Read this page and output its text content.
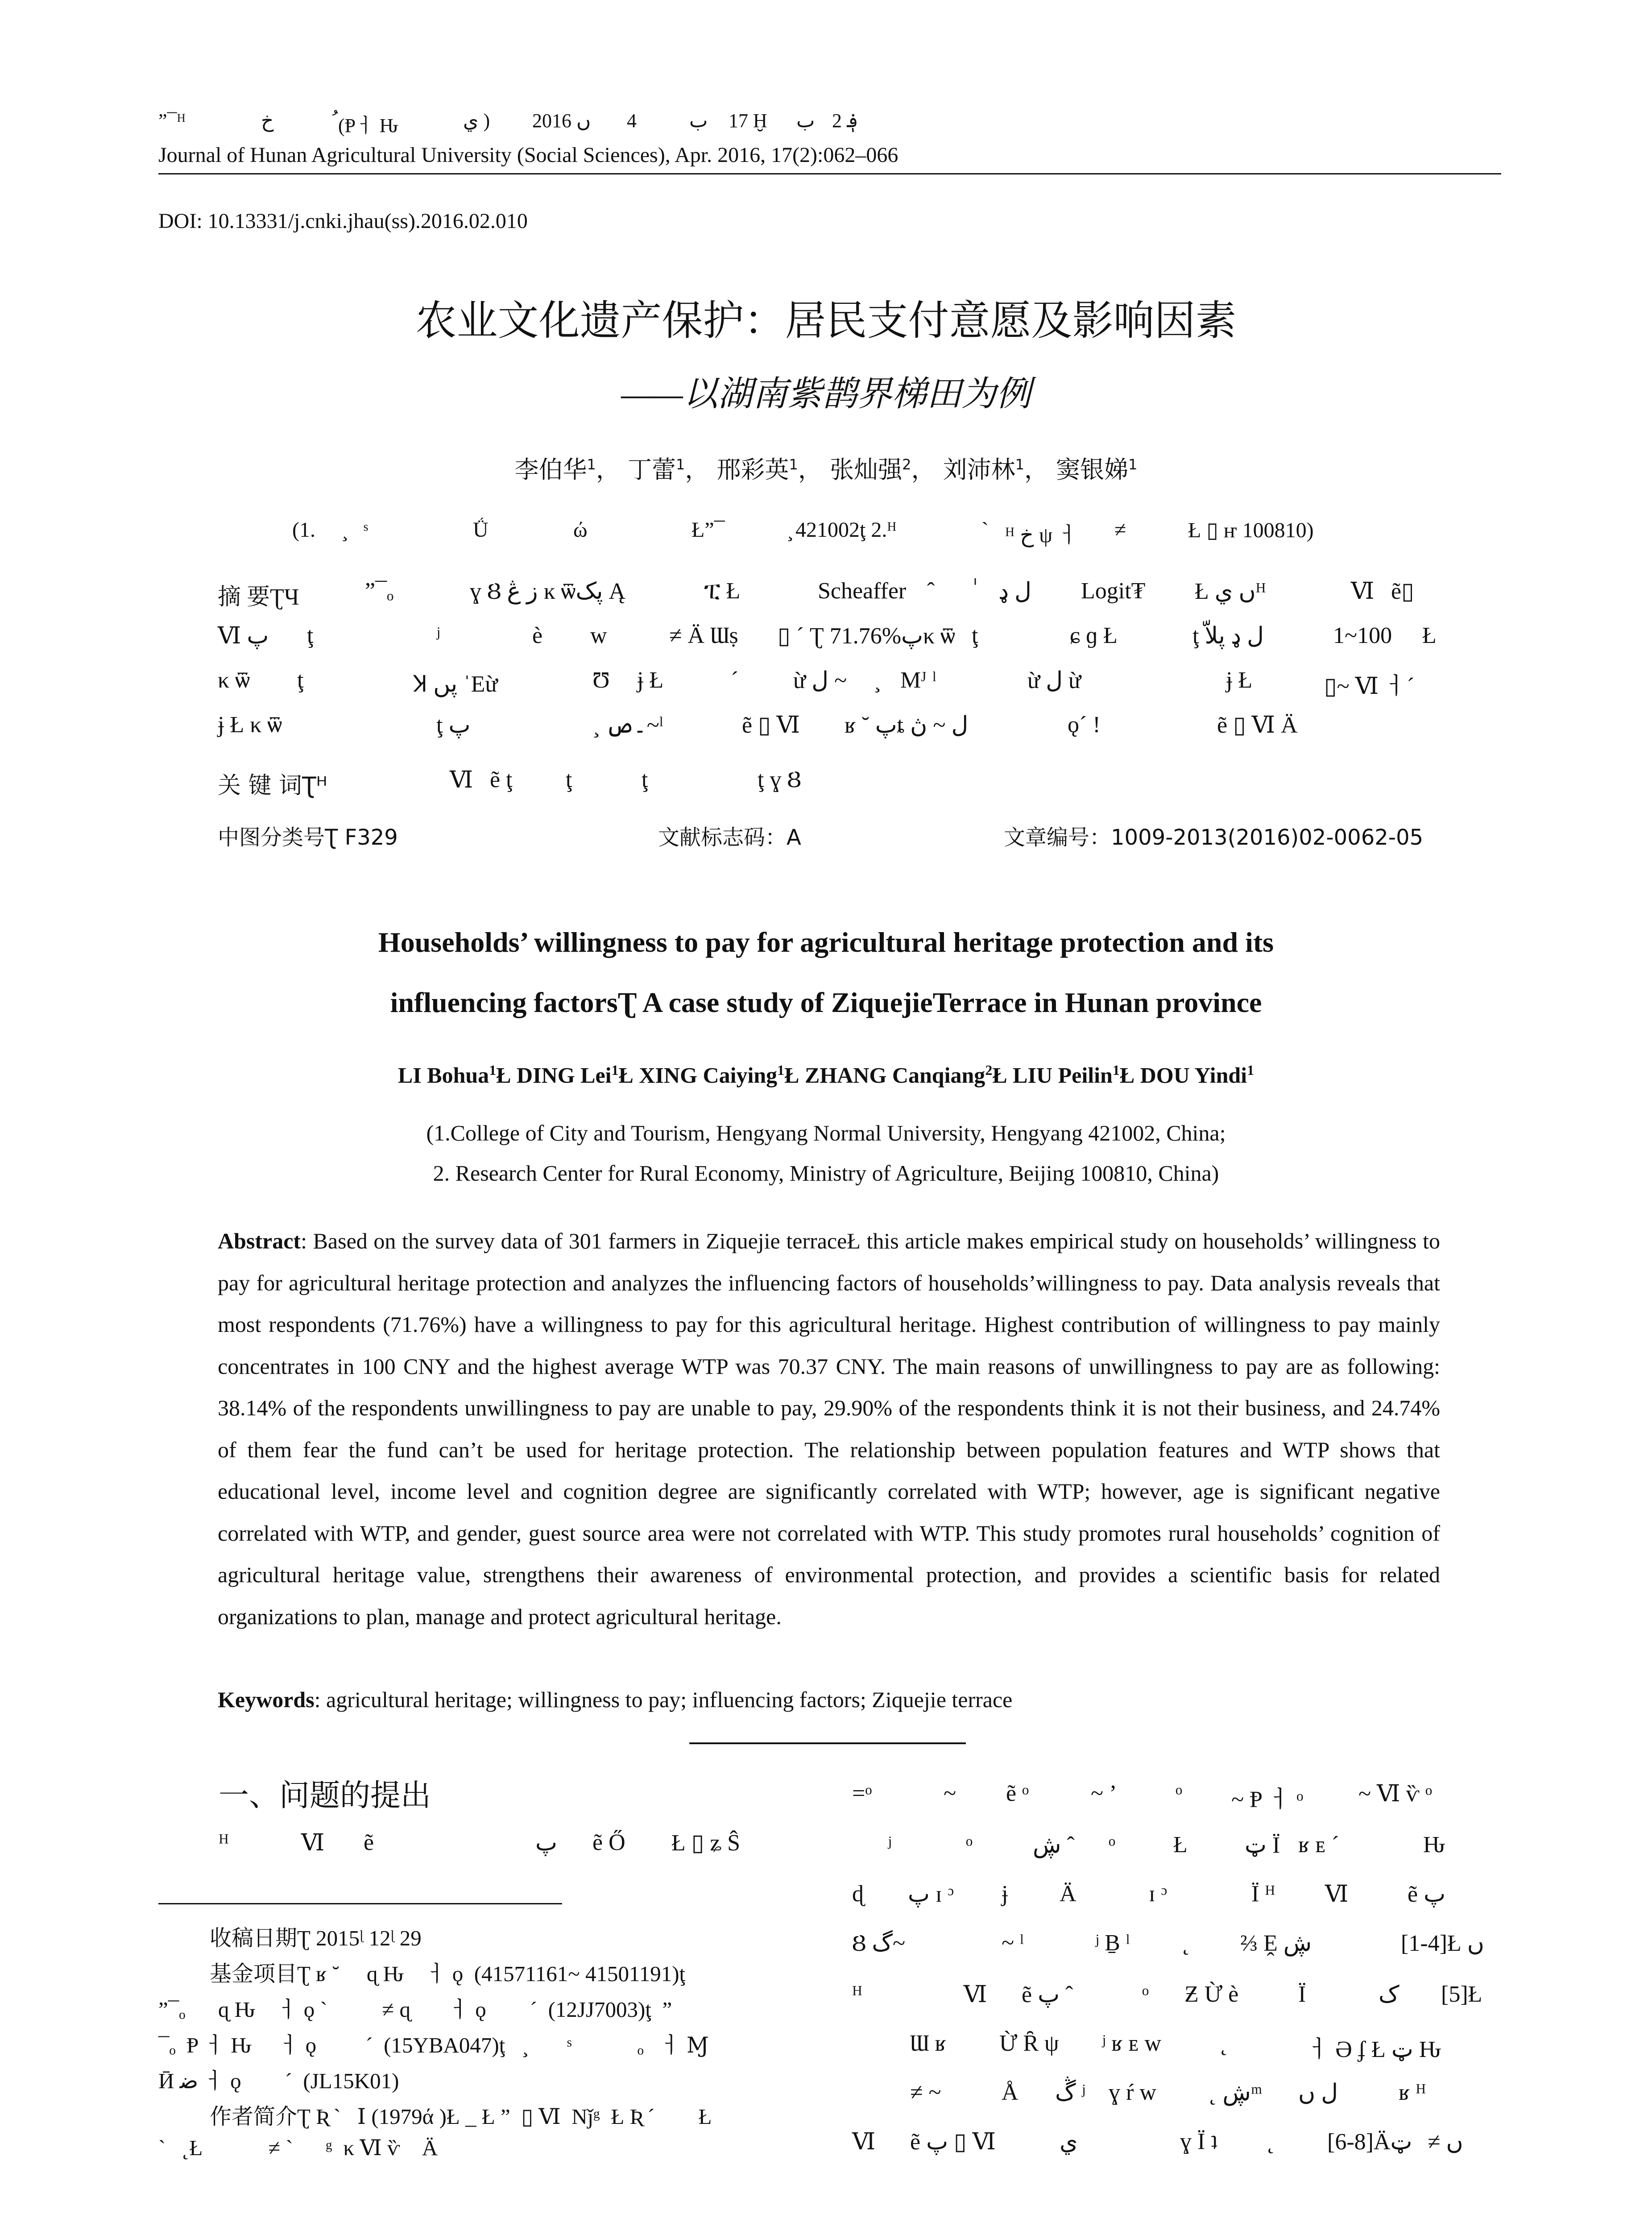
”¯ᴴ	خ	(Ᵽㅓ Ԋ	ي ) 2016 ں 4	ب 17 Ḫ ب 2 ؋
Journal of Hunan Agricultural University (Social Sciences), Apr. 2016, 17(2):062–066
DOI: 10.13331/j.cnki.jhau(ss).2016.02.010
农业文化遗产保护：居民支付意愿及影响因素
——以湖南紫鹊界梯田为例
李伯华$^1$， 丁蕾$^1$， 邢彩英$^1$， 张灿强$^2$， 刘沛林$^1$， 窦银娣$^1$
(1. ¸ ˢ	Ǘ	ώ	Ł”¯	¸ 421002ţ 2.ᴴ	ˋ ᴴ خ ψ ㅓ ≠	Ł ▯ ҥ 100810)
摘 要ƮЧ	”¯ₒ	ɣ Ȣ ز ڠ ĸ ѿپک Ą	ፒ Ł	Scheaffer ˆ	ل ډ Logit₮ Ł ں يᴴ	Ⅵ ẽ▯
Ⅵ پ ţ	ʲ	è w	≠ Ä Ɯṣ ▯ ˊ Ʈ 71.76%پκ ѿ ţ	ɕ ɡ Ł	ţ ل ډ پلاّ	1~100 Ł
κ ѿ ţ	Ʞ پں ˈΕừ	Ʊ ɉ Ł	ˊ ừ ل ~ ¸ Mᴶ ˡ	ừ ل ừ	ɉ Ł	▯~ Ⅵ ㅓˊ
ɉ Ł κ ѿ	ţ پ	¸ ۔ص~ˡ	ẽ ▯ Ⅵ ʁ ˘ پȶ ل ~ ڽ	ǫˊ !	ẽ ▯ Ⅵ Ä
关 键 词Ʈᴴ	Ⅵ ẽ ţ ţ	ţ	ţ ɣ Ȣ
中图分类号Ʈ F329	文献标志码：A	文章编号：1009-2013(2016)02-0062-05
Households’ willingness to pay for agricultural heritage protection and its
influencing factorsƮ A case study of ZiquejieTerrace in Hunan province
LI Bohua$^1$Ł DING Lei$^1$Ł XING Caiying$^1$Ł ZHANG Canqiang$^2$Ł LIU Peilin$^1$Ł DOU Yindi$^1$
(1.College of City and Tourism, Hengyang Normal University, Hengyang 421002, China;
2. Research Center for Rural Economy, Ministry of Agriculture, Beijing 100810, China)
Abstract: Based on the survey data of 301 farmers in Ziquejie terraceŁ this article makes empirical study on households’ willingness to pay for agricultural heritage protection and analyzes the influencing factors of households’willingness to pay. Data analysis reveals that most respondents (71.76%) have a willingness to pay for this agricultural heritage. Highest contribution of willingness to pay mainly concentrates in 100 CNY and the highest average WTP was 70.37 CNY. The main reasons of unwillingness to pay are as following: 38.14% of the respondents unwillingness to pay are unable to pay, 29.90% of the respondents think it is not their business, and 24.74% of them fear the fund can’t be used for heritage protection. The relationship between population features and WTP shows that educational level, income level and cognition degree are significantly correlated with WTP; however, age is significant negative correlated with WTP, and gender, guest source area were not correlated with WTP. This study promotes rural households’ cognition of agricultural heritage value, strengthens their awareness of environmental protection, and provides a scientific basis for related organizations to plan, manage and protect agricultural heritage.
Keywords: agricultural heritage; willingness to pay; influencing factors; Ziquejie terrace
一、问题的提出
ᴴ	Ⅵ ẽ	پ ẽ Ő Ł ▯ ʑ Ŝ
收稿日期Ʈ 2015ᶩ 12ᶩ 29
基金项目Ʈ ʁ ˘     ɋ Ԋ    ㅓ ǫ  (41571161~ 41501191)ţ
”¯ₒ      ɋ Ԋ    ㅓ ǫ ˋ          ≠ ɋ       ㅓ ǫ        ˊ  (12JJ7003)ţ  ”
¯ₒ  Ᵽ ㅓ Ԋ     ㅓ ǫ         ˊ  (15YBA047)ţ   ¸       ˢ            ₒ   ㅓ Ɱ
Ӣ ﺿ ㅓ ǫ        ˊ  (JL15K01)
作者简介Ʈ Ʀ ˋ   Ⅰ (1979ά )Ł _ Ł ”  ▯ Ⅵ  Nǰᵍ  Ł Ʀ ˊ        Ł
ˋ   ˛Ł            ≠ ˋ      ᵍ  κ Ⅵ ѷ    Ä
=ᵒ	~ ẽ ᵒ	~ ’	ᵒ ~ Ᵽ ㅓ ᵒ ~ Ⅵ ѷ ᵒ
ʲ	ᵒ	ڜ ˆ ᵒ	Ł ټ Ї ʁ ᴇ ˊ	Ԋ
ɖ پ ɪ ᵓ ɉ Ä	ɪ ᵓ	Ї ᴴ Ⅵ	ẽ پ
Ȣ گ~	~ ˡ	ʲ Ḇ ˡ ˛ ⅔ Ḙ ڜ	[1-4]Ł ں
ᴴ	Ⅵ ẽ پ ˆ	ᵒ Ƶ Ừ è	Ї	ک [5]Ł
Ɯ ʁ Ừ Ȓ ψ ʲ ʁ ᴇ w	˛	ㅓ Ə ʄ Ł ټ Ԋ
≠ ~	Å ڴ ʲ ɣ ŕ w ˛ ڜᵐ ل ں	ʁ ᴴ
Ⅵ ẽ پ ▯ Ⅵ	ي	ɣ Ї ʇ ˛ [6-8]Äټ ≠ ں
